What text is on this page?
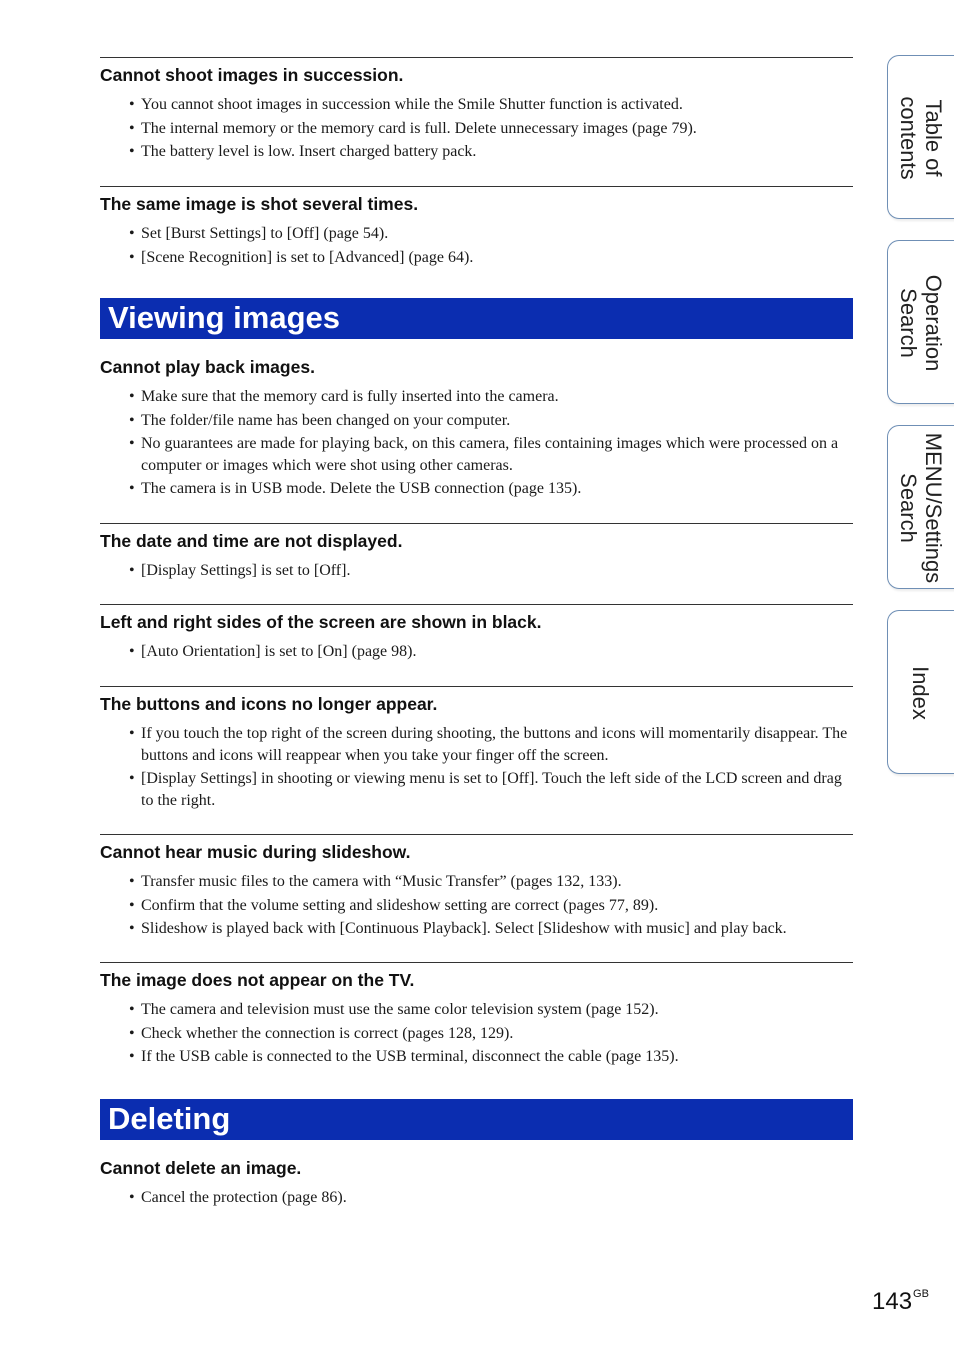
Cannot shoot images in succession.

• You cannot shoot images in succession while the Smile Shutter function is activated.
• The internal memory or the memory card is full. Delete unnecessary images (page 79).
• The battery level is low. Insert charged battery pack.

The same image is shot several times.

• Set [Burst Settings] to [Off] (page 54).
• [Scene Recognition] is set to [Advanced] (page 64).
Viewing images

Cannot play back images.

• Make sure that the memory card is fully inserted into the camera.
• The folder/file name has been changed on your computer.
• No guarantees are made for playing back, on this camera, files containing images which were processed on a computer or images which were shot using other cameras.
• The camera is in USB mode. Delete the USB connection (page 135).

The date and time are not displayed.

• [Display Settings] is set to [Off].

Left and right sides of the screen are shown in black.

• [Auto Orientation] is set to [On] (page 98).

The buttons and icons no longer appear.

• If you touch the top right of the screen during shooting, the buttons and icons will momentarily disappear. The buttons and icons will reappear when you take your finger off the screen.
• [Display Settings] in shooting or viewing menu is set to [Off]. Touch the left side of the LCD screen and drag to the right.

Cannot hear music during slideshow.

• Transfer music files to the camera with “Music Transfer” (pages 132, 133).
• Confirm that the volume setting and slideshow setting are correct (pages 77, 89).
• Slideshow is played back with [Continuous Playback]. Select [Slideshow with music] and play back.

The image does not appear on the TV.

• The camera and television must use the same color television system (page 152).
• Check whether the connection is correct (pages 128, 129).
• If the USB cable is connected to the USB terminal, disconnect the cable (page 135).
Deleting

Cannot delete an image.

• Cancel the protection (page 86).
Table of
contents
Operation
Search
MENU/Settings
Search
Index
$143^{GB}$
